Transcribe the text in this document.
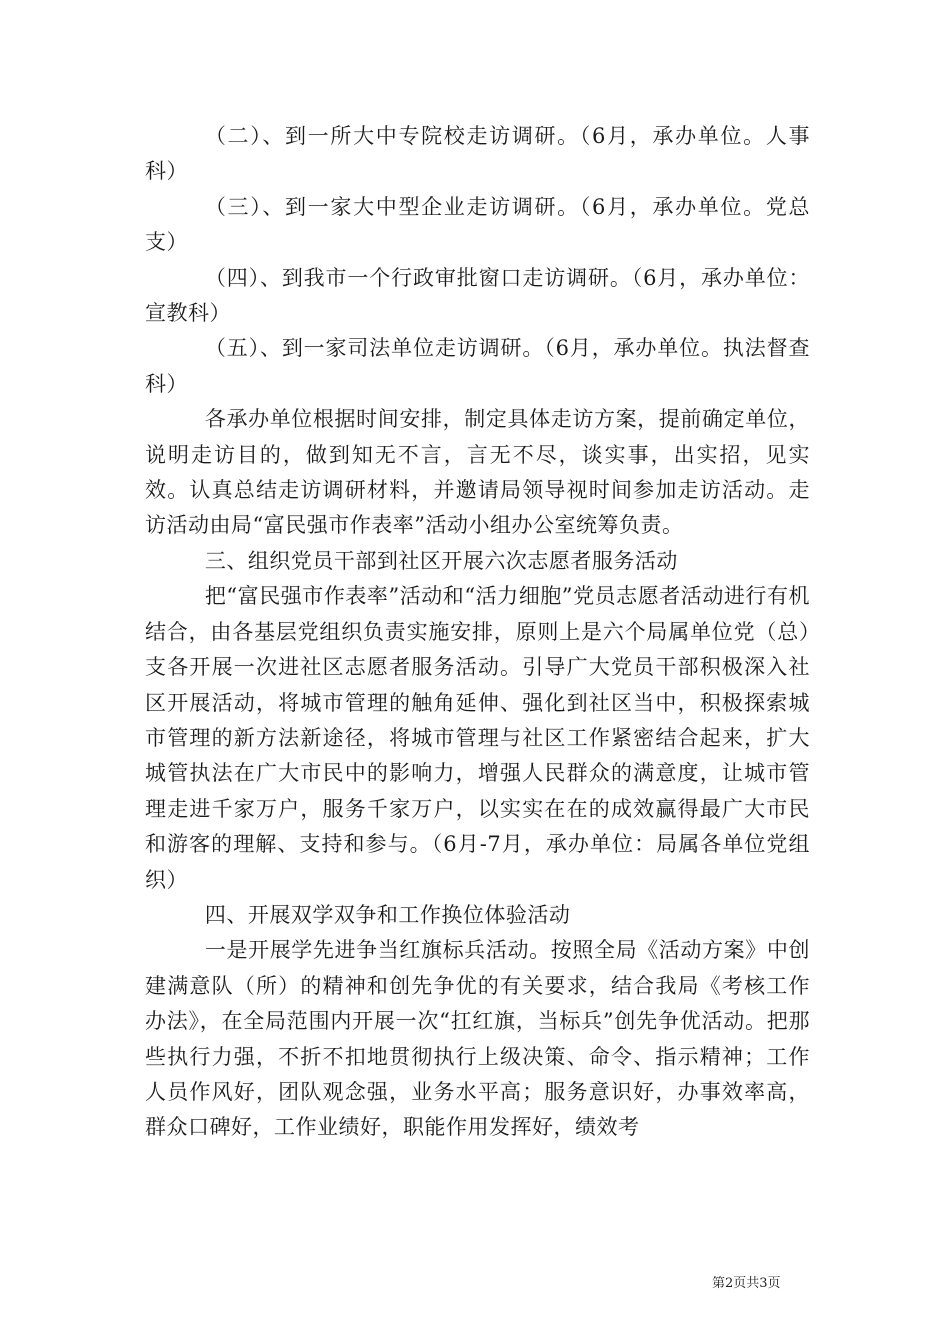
（二）、到一所大中专院校走访调研。（6月，承办单位。人事科）

（三）、到一家大中型企业走访调研。（6月，承办单位。党总支）

（四）、到我市一个行政审批窗口走访调研。（6月，承办单位：宣教科）

（五）、到一家司法单位走访调研。（6月，承办单位。执法督查科）

各承办单位根据时间安排，制定具体走访方案，提前确定单位，说明走访目的，做到知无不言，言无不尽，谈实事，出实招，见实效。认真总结走访调研材料，并邀请局领导视时间参加走访活动。走访活动由局“富民强市作表率”活动小组办公室统筹负责。

三、组织党员干部到社区开展六次志愿者服务活动

把“富民强市作表率”活动和“活力细胞”党员志愿者活动进行有机结合，由各基层党组织负责实施安排，原则上是六个局属单位党（总）支各开展一次进社区志愿者服务活动。引导广大党员干部积极深入社区开展活动，将城市管理的触角延伸、强化到社区当中，积极探索城市管理的新方法新途径，将城市管理与社区工作紧密结合起来，扩大城管执法在广大市民中的影响力，增强人民群众的满意度，让城市管理走进千家万户，服务千家万户，以实实在在的成效赢得最广大市民和游客的理解、支持和参与。（6月-7月，承办单位：局属各单位党组织）

四、开展双学双争和工作换位体验活动

一是开展学先进争当红旗标兵活动。按照全局《活动方案》中创建满意队（所）的精神和创先争优的有关要求，结合我局《考核工作办法》，在全局范围内开展一次“扛红旗，当标兵”创先争优活动。把那些执行力强，不折不扣地贯彻执行上级决策、命令、指示精神；工作人员作风好，团队观念强，业务水平高；服务意识好，办事效率高，群众口碑好，工作业绩好，职能作用发挥好，绩效考

第2页共3页
